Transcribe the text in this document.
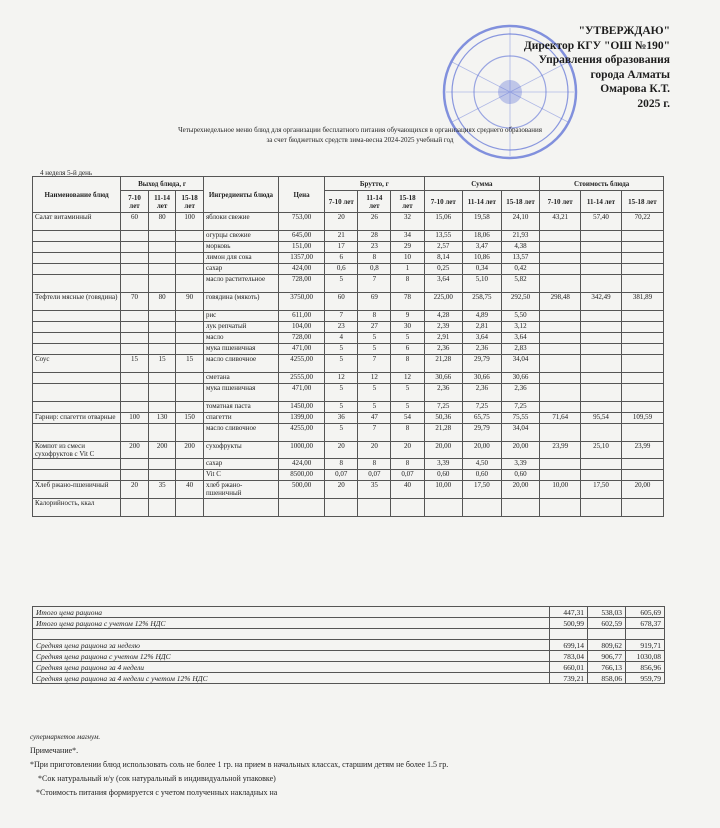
"УТВЕРЖДАЮ"
Директор КГУ "ОШ №190"
Управления образования
города Алматы
Омарова К.Т.
2025 г.
Четырехнедельное меню блюд для организации бесплатного питания обучающихся в организациях среднего образования
за счет бюджетных средств зима-весна 2024-2025 учебный год
4 неделя 5-й день
Наименование блюд	Выход блюда, г			Ингредиенты блюда	Цена	Брутто, г			Сумма			Стоимость блюда		
	7-10 лет	11-14 лет	15-18 лет			7-10 лет	11-14 лет	15-18 лет	7-10 лет	11-14 лет	15-18 лет	7-10 лет	11-14 лет	15-18 лет
Салат витаминный	60	80	100	яблоки свежие	753,00	20	26	32	15,06	19,58	24,10	43,21	57,40	70,22
				огурцы свежие	645,00	21	28	34	13,55	18,06	21,93			
				морковь	151,00	17	23	29	2,57	3,47	4,38			
				лимон для сока	1357,00	6	8	10	8,14	10,86	13,57			
				сахар	424,00	0,6	0,8	1	0,25	0,34	0,42			
				масло растительное	728,00	5	7	8	3,64	5,10	5,82			
Тефтели мясные (говядина)	70	80	90	говядина (мякоть)	3750,00	60	69	78	225,00	258,75	292,50	298,48	342,49	381,89
				рис	611,00	7	8	9	4,28	4,89	5,50			
				лук репчатый	104,00	23	27	30	2,39	2,81	3,12			
				масло	728,00	4	5	5	2,91	3,64	3,64			
				мука пшеничная	471,00	5	5	6	2,36	2,36	2,83			
Соус	15	15	15	масло сливочное	4255,00	5	7	8	21,28	29,79	34,04			
				сметана	2555,00	12	12	12	30,66	30,66	30,66			
				мука пшеничная	471,00	5	5	5	2,36	2,36	2,36			
				томатная паста	1450,00	5	5	5	7,25	7,25	7,25			
Гарнир: спагетти отварные	100	130	150	спагетти	1399,00	36	47	54	50,36	65,75	75,55	71,64	95,54	109,59
				масло сливочное	4255,00	5	7	8	21,28	29,79	34,04			
Компот из смеси сухофруктов с Vit C	200	200	200	сухофрукты	1000,00	20	20	20	20,00	20,00	20,00	23,99	25,10	23,99
				сахар	424,00	8	8	8	3,39	4,50	3,39			
				Vit C	8500,00	0,07	0,07	0,07	0,60	0,60	0,60			
Хлеб ржано-пшеничный	20	35	40	хлеб ржано-пшеничный	500,00	20	35	40	10,00	17,50	20,00	10,00	17,50	20,00
Калорийность, ккал														
Итого цена рациона	447,31	538,03	605,69
Итого цена рациона с учетом 12% НДС	500,99	602,59	678,37

Средняя цена рациона за неделю	699,14	809,62	919,71
Средняя цена рациона с учетом 12% НДС	783,04	906,77	1030,08
Средняя цена рациона за 4 недели	660,01	766,13	856,96
Средняя цена рациона за 4 недели с учетом 12% НДС	739,21	858,06	959,79
супермаркетов магнум.
Примечание*.
*При приготовлении блюд использовать соль не более 1 гр. на прием в начальных классах, старшим детям не более 1.5 гр.
*Сок натуральный и/у (сок натуральный в индивидуальной упаковке)
*Стоимость питания формируется с учетом полученных накладных на
